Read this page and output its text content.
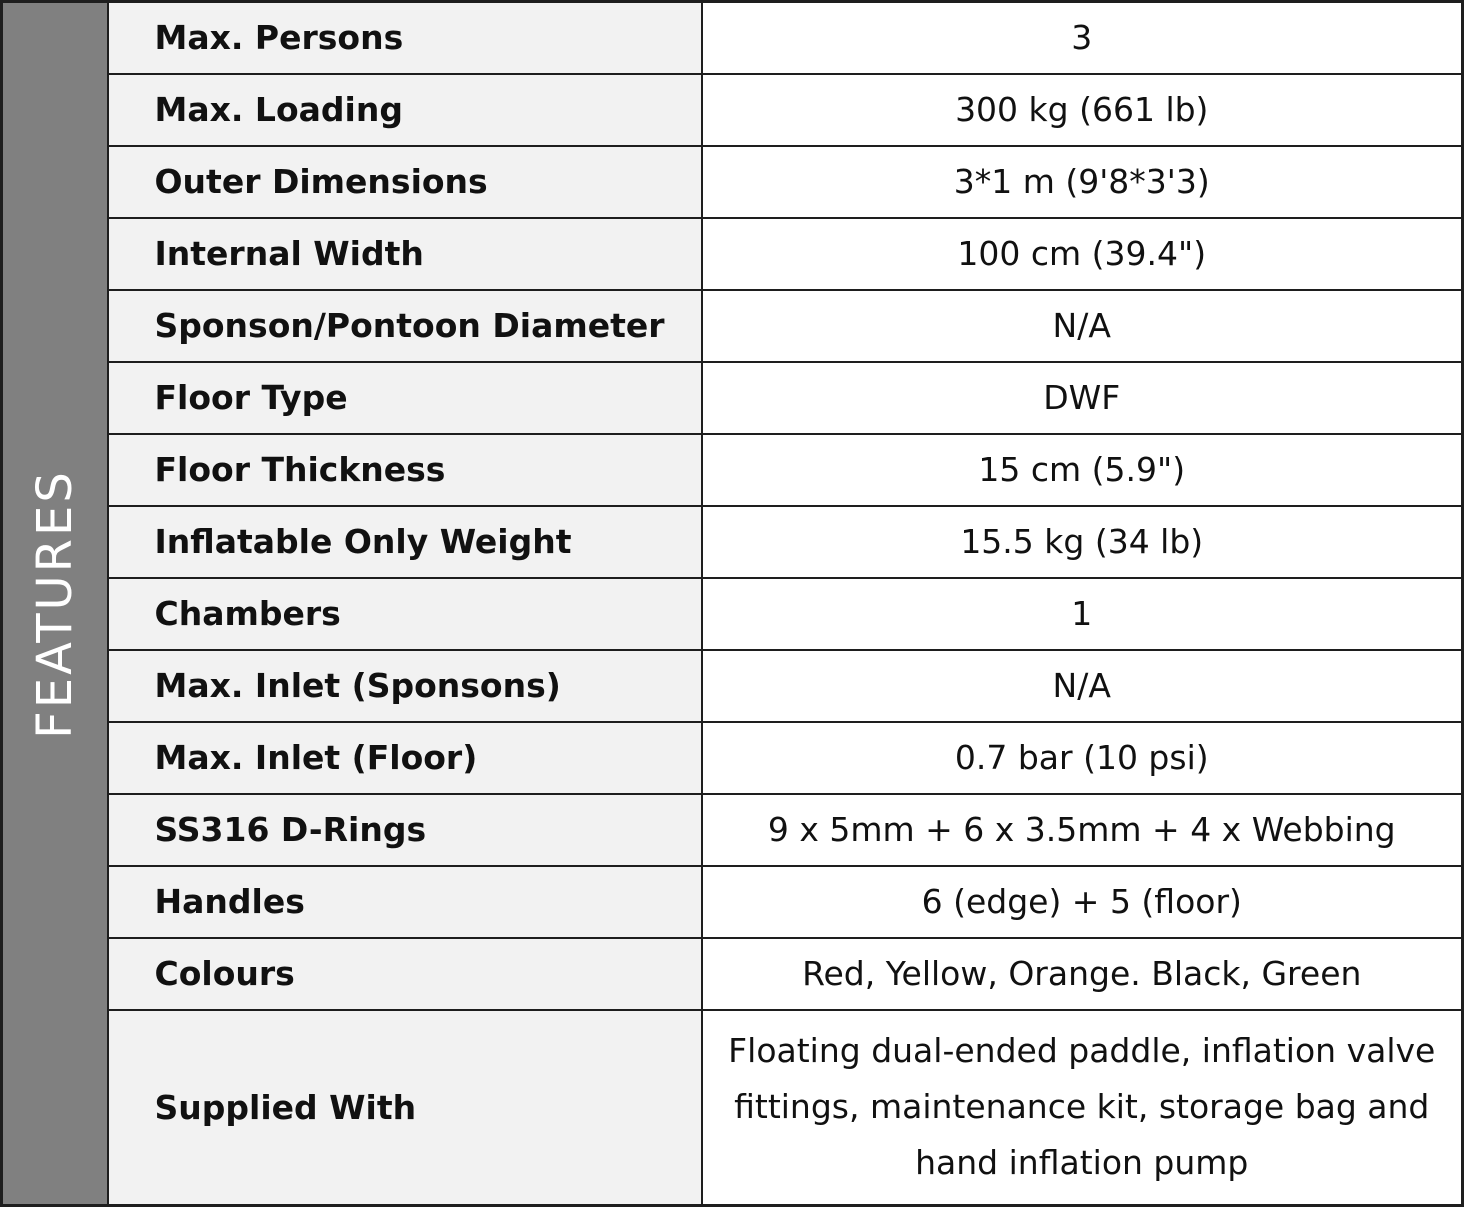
FEATURES	Max. Persons	3
	Max. Loading	300 kg (661 lb)
	Outer Dimensions	3*1 m (9'8*3'3)
	Internal Width	100 cm (39.4")
	Sponson/Pontoon Diameter	N/A
	Floor Type	DWF
	Floor Thickness	15 cm (5.9")
	Inflatable Only Weight	15.5 kg (34 lb)
	Chambers	1
	Max. Inlet (Sponsons)	N/A
	Max. Inlet (Floor)	0.7 bar (10 psi)
	SS316 D-Rings	9 x 5mm + 6 x 3.5mm + 4 x Webbing
	Handles	6 (edge) + 5 (floor)
	Colours	Red, Yellow, Orange. Black, Green
	Supplied With	Floating dual-ended paddle, inflation valve fittings, maintenance kit, storage bag and hand inflation pump
